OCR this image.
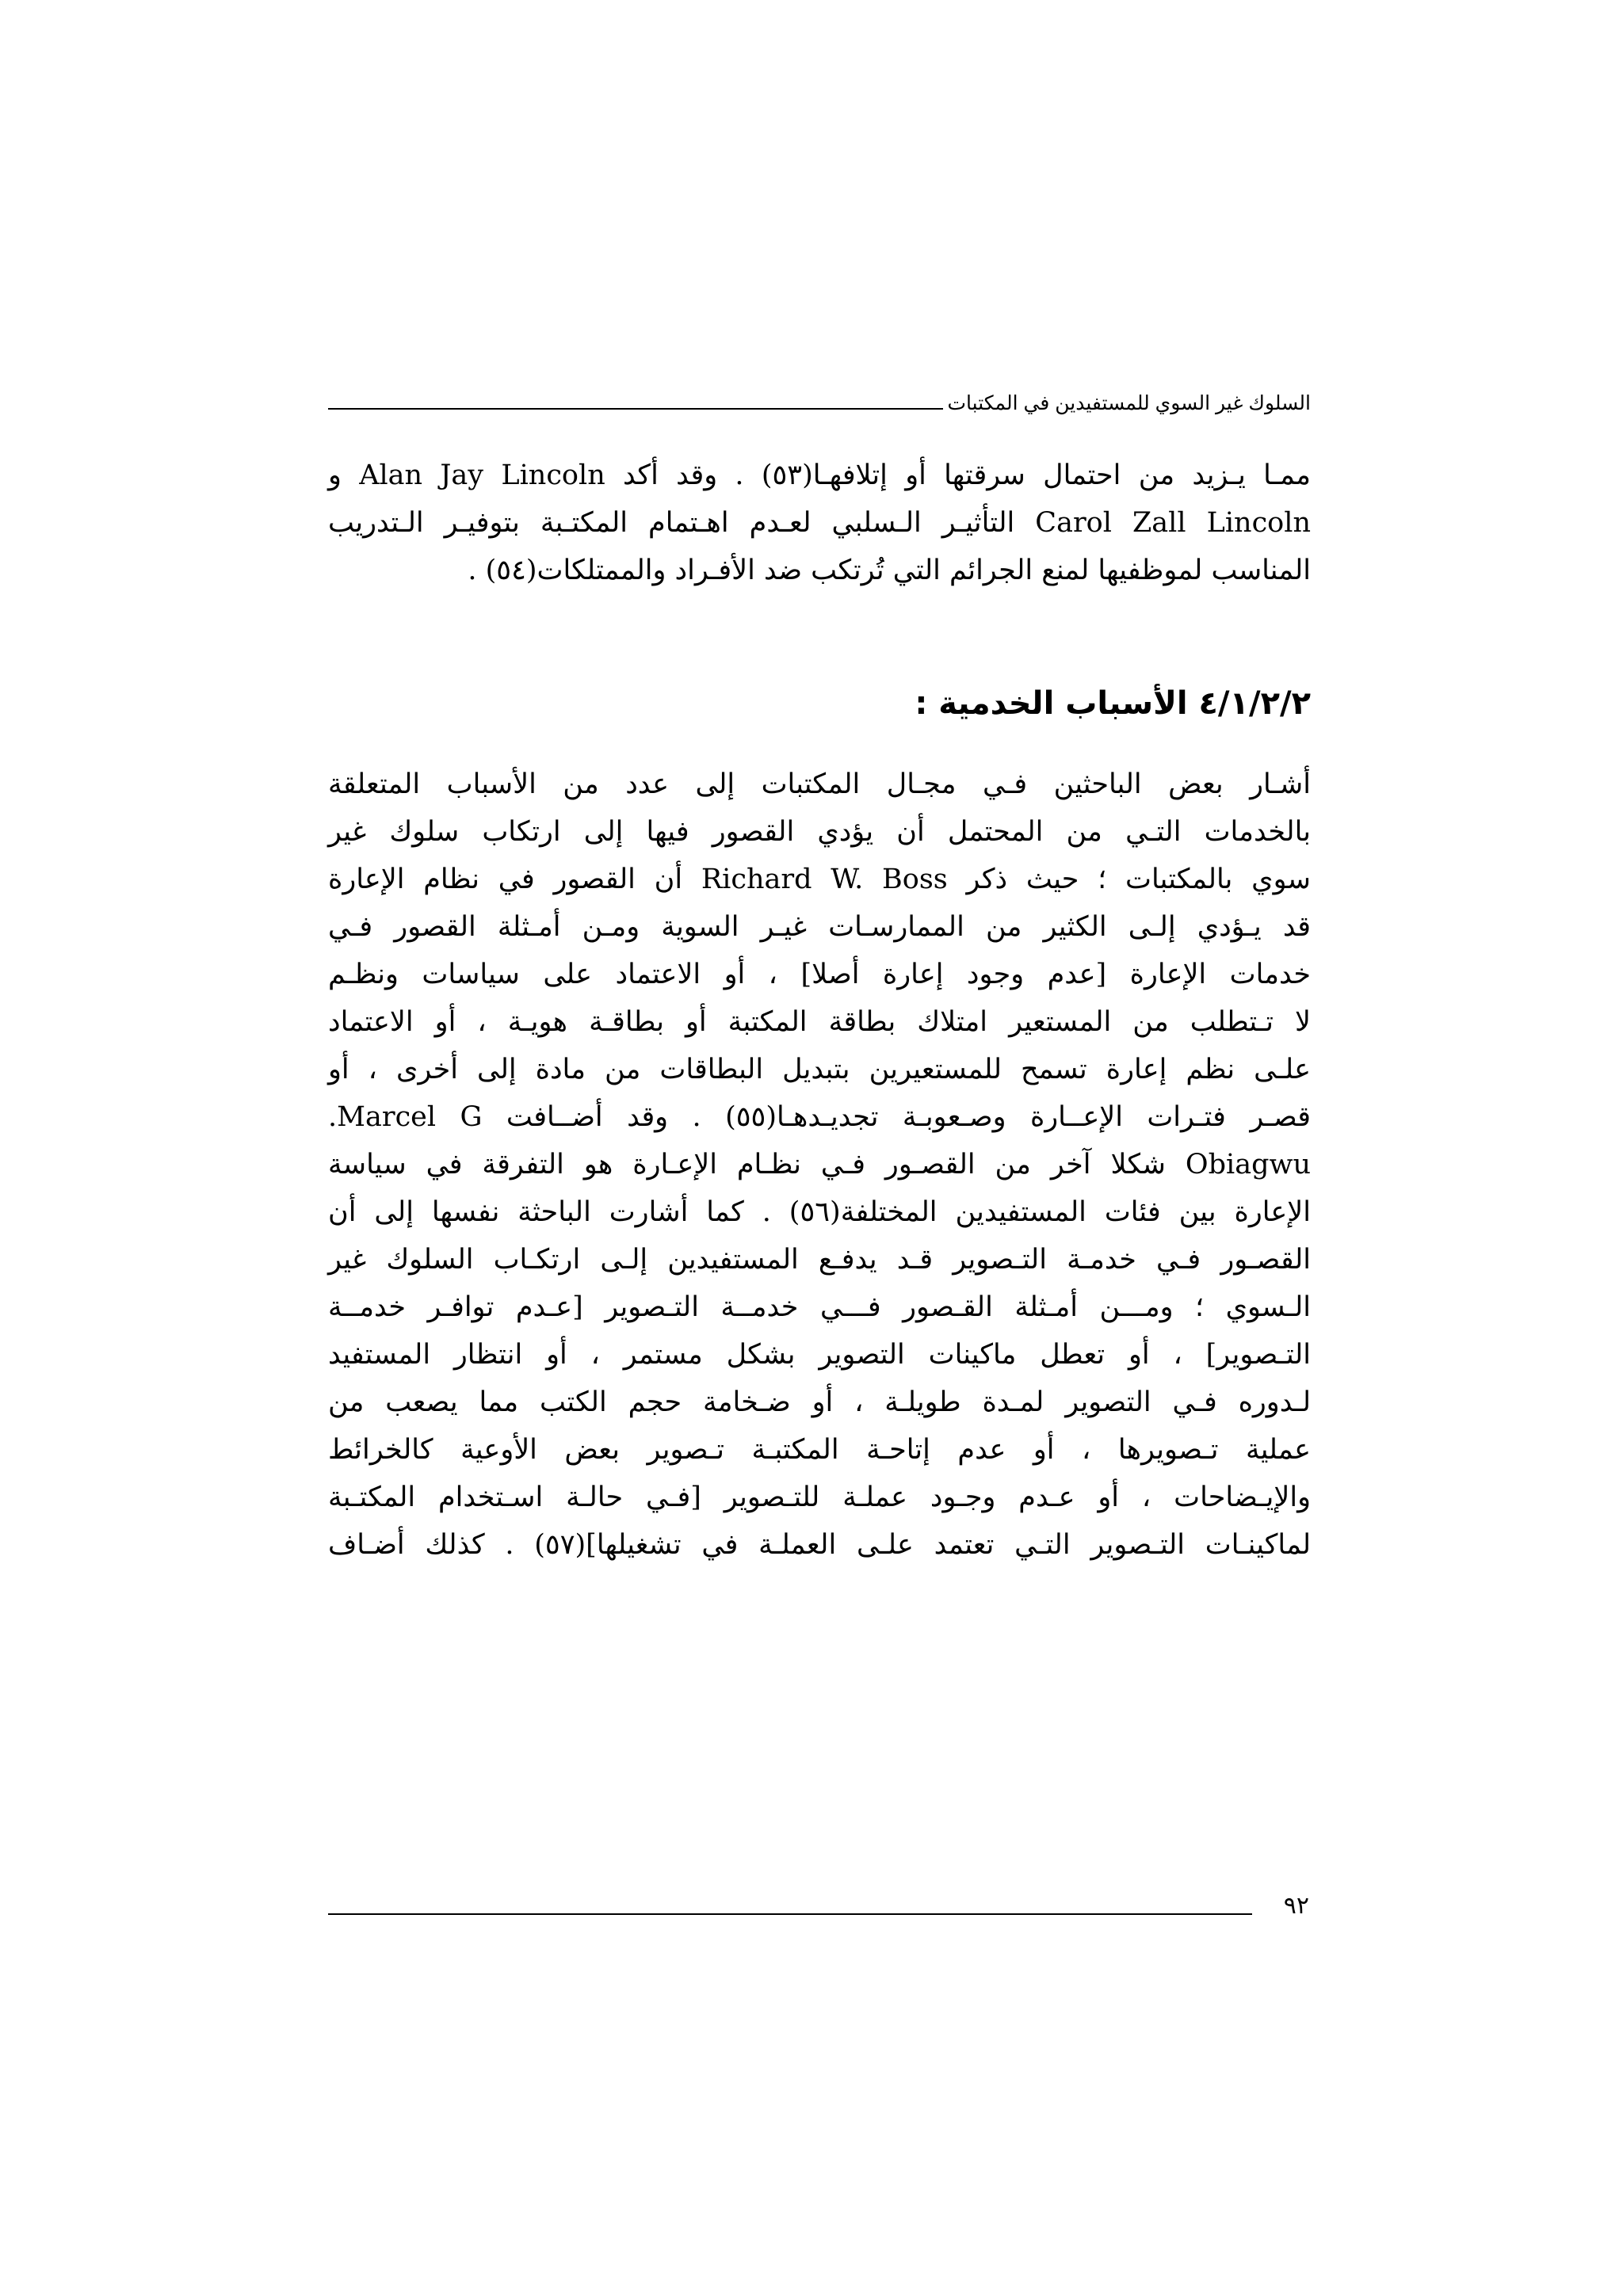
السلوك غير السوي للمستفيدين في المكتبات
ممـا يـزيد من احتمال سرقتها أو إتلافهـا(٥٣) . وقد أكد Alan Jay Lincoln و
Carol Zall Lincoln التأثيـر الـسلبي لعـدم اهـتمام المكتـبة بتوفيـر الـتدريب
المناسب لموظفيها لمنع الجرائم التي تُرتكب ضد الأفـراد والممتلكات(٥٤) .
٤/١/٢/٢ الأسباب الخدمية :
أشـار بعض الباحثين فـي مجـال المكتبات إلى عدد من الأسباب المتعلقة
بالخدمات التـي من المحتمل أن يؤدي القصور فيها إلى ارتكاب سلوك غير
سوي بالمكتبات ؛ حيث ذكر Richard W. Boss أن القصور في نظام الإعارة
قد يـؤدي إلـى الكثير من الممارسـات غيـر السوية ومـن أمـثلة القصور فـي
خدمات الإعارة [عدم وجود إعارة أصلا] ، أو الاعتماد على سياسات ونظـم
لا تـتطلب من المستعير امتلاك بطاقة المكتبة أو بطاقـة هويـة ، أو الاعتماد
علـى نظم إعارة تسمح للمستعيرين بتبديل البطاقات من مادة إلى أخرى ، أو
قصـر فتـرات الإعــارة وصـعوبـة تجديـدهـا(٥٥) . وقد أضــافت Marcel G.
Obiagwu شكلا آخر من القصـور فـي نظـام الإعـارة هو التفرقة في سياسة
الإعارة بين فئات المستفيدين المختلفة(٥٦) . كما أشارت الباحثة نفسها إلى أن
القصـور فـي خدمـة التـصوير قـد يدفـع المستفيدين إلـى ارتكـاب السلوك غير
الـسوي ؛ ومـــن أمـثلة القـصور فـــي خدمــة التـصوير [عـدم توافـر خدمــة
التـصوير] ، أو تعطل ماكينات التصوير بشكل مستمر ، أو انتظار المستفيد
لـدوره فـي التصوير لمـدة طويلـة ، أو ضـخامة حجم الكتب مما يصعب من
عملية تـصويرها ، أو عدم إتاحـة المكتبـة تـصوير بعض الأوعية كالخرائط
والإيـضاحات ، أو عـدم وجـود عملـة للتـصوير [فـي حالـة اسـتخدام المكتـبة
لماكينـات التـصوير التـي تعتمد علـى العملـة في تشغيلها](٥٧) . كذلك أضـاف
٩٢
